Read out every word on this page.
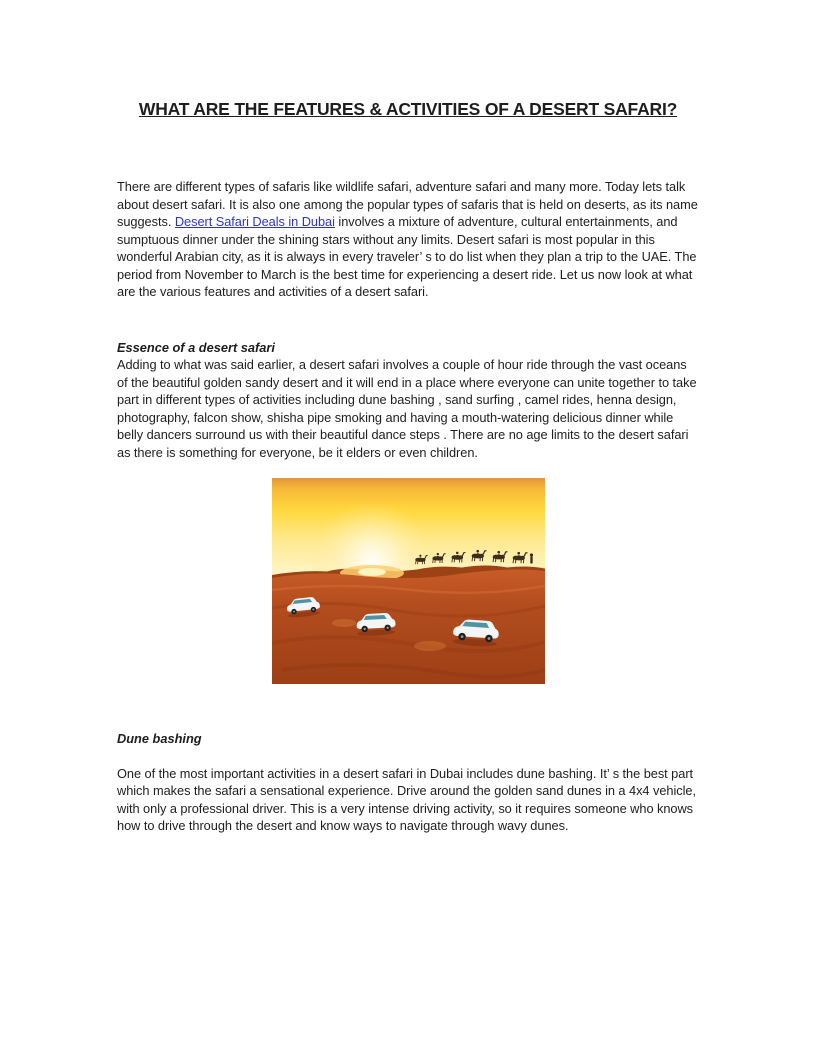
WHAT ARE THE FEATURES & ACTIVITIES OF A DESERT SAFARI?

There are different types of safaris like wildlife safari, adventure safari and many more. Today lets talk about desert safari. It is also one among the popular types of safaris that is held on deserts, as its name suggests. Desert Safari Deals in Dubai involves a mixture of adventure, cultural entertainments, and sumptuous dinner under the shining stars without any limits. Desert safari is most popular in this wonderful Arabian city, as it is always in every traveler’ s to do list when they plan a trip to the UAE. The period from November to March is the best time for experiencing a desert ride. Let us now look at what are the various features and activities of a desert safari.

Essence of a desert safari

Adding to what was said earlier, a desert safari involves a couple of hour ride through the vast oceans of the beautiful golden sandy desert and it will end in a place where everyone can unite together to take part in different types of activities including dune bashing , sand surfing , camel rides, henna design, photography, falcon show, shisha pipe smoking and having a mouth-watering delicious dinner while belly dancers surround us with their beautiful dance steps . There are no age limits to the desert safari as there is something for everyone, be it elders or even children.

Dune bashing

One of the most important activities in a desert safari in Dubai includes dune bashing. It’ s the best part which makes the safari a sensational experience. Drive around the golden sand dunes in a 4x4 vehicle, with only a professional driver. This is a very intense driving activity, so it requires someone who knows how to drive through the desert and know ways to navigate through wavy dunes.
